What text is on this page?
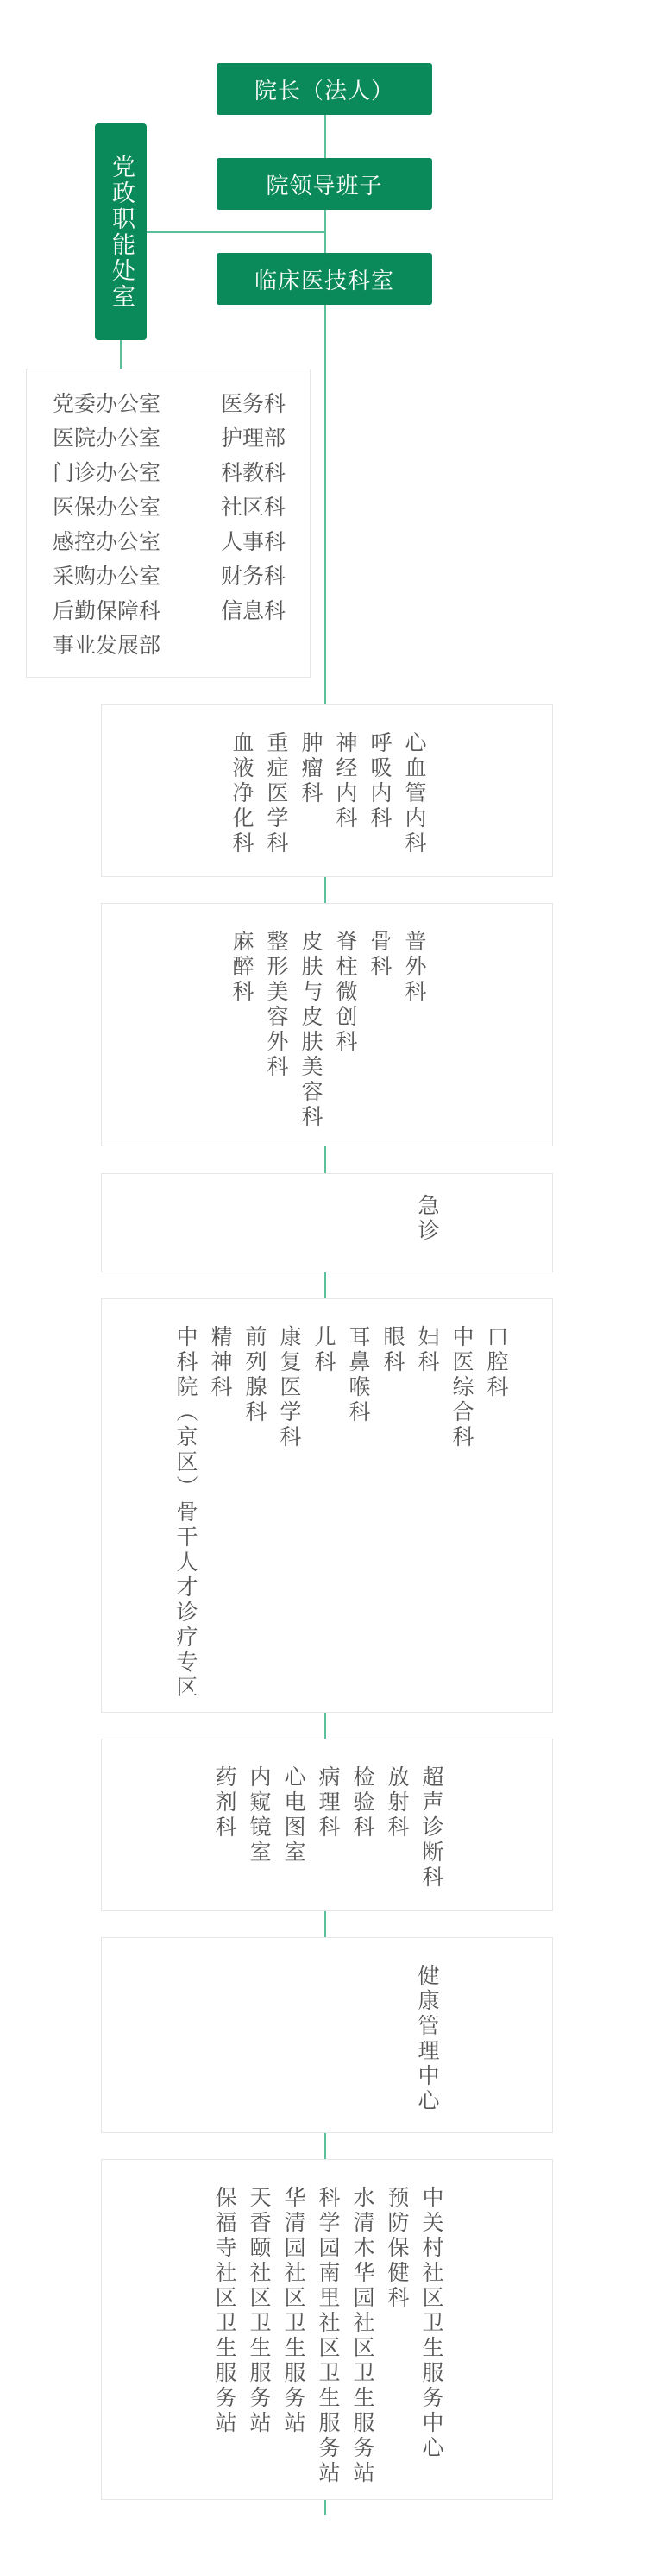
院长（法人）
院领导班子
临床医技科室
党政职能处室
党委办公室
医院办公室
门诊办公室
医保办公室
感控办公室
采购办公室
后勤保障科
事业发展部
医务科
护理部
科教科
社区科
人事科
财务科
信息科
心血管内科
呼吸内科
神经内科
肿瘤科
重症医学科
血液净化科
普外科
骨科
脊柱微创科
皮肤与皮肤美容科
整形美容外科
麻醉科
急诊
口腔科
中医综合科
妇科
眼科
耳鼻喉科
儿科
康复医学科
前列腺科
精神科
中科院（京区）骨干人才诊疗专区
超声诊断科
放射科
检验科
病理科
心电图室
内窥镜室
药剂科
健康管理中心
中关村社区卫生服务中心
预防保健科
水清木华园社区卫生服务站
科学园南里社区卫生服务站
华清园社区卫生服务站
天香颐社区卫生服务站
保福寺社区卫生服务站
